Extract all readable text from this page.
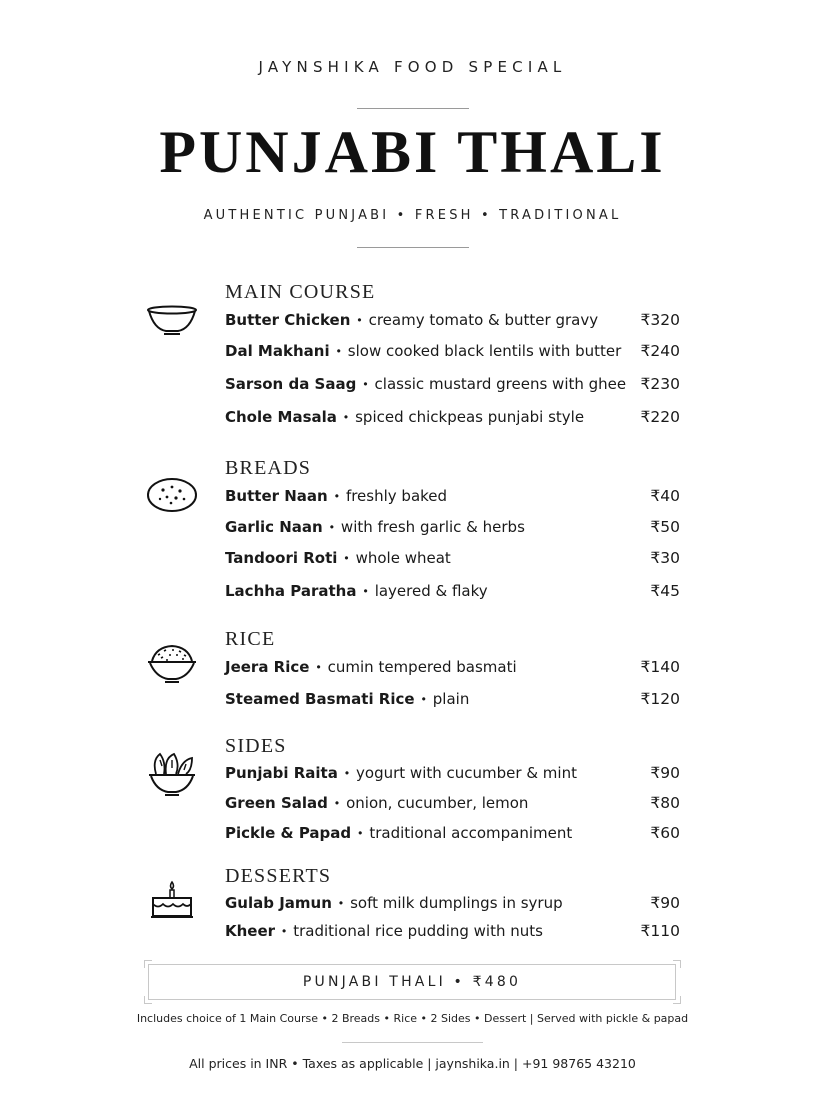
JAYNSHIKA FOOD SPECIAL
PUNJABI THALI
AUTHENTIC PUNJABI • FRESH • TRADITIONAL
MAIN COURSE
Butter Chicken • creamy tomato & butter gravy	₹320
Dal Makhani • slow cooked black lentils with butter ₹240
Sarson da Saag • classic mustard greens with ghee ₹230
Chole Masala • spiced chickpeas punjabi style	₹220
BREADS
Butter Naan • freshly baked	₹40
Garlic Naan • with fresh garlic & herbs	₹50
Tandoori Roti • whole wheat	₹30
Lachha Paratha • layered & flaky	₹45
RICE
Jeera Rice • cumin tempered basmati	₹140
Steamed Basmati Rice • plain	₹120
SIDES
Punjabi Raita • yogurt with cucumber & mint	₹90
Green Salad • onion, cucumber, lemon	₹80
Pickle & Papad • traditional accompaniment	₹60
DESSERTS
Gulab Jamun • soft milk dumplings in syrup	₹90
Kheer • traditional rice pudding with nuts	₹110
PUNJABI THALI • ₹480
Includes choice of 1 Main Course • 2 Breads • Rice • 2 Sides • Dessert | Served with pickle & papad
All prices in INR • Taxes as applicable | jaynshika.in | +91 98765 43210
